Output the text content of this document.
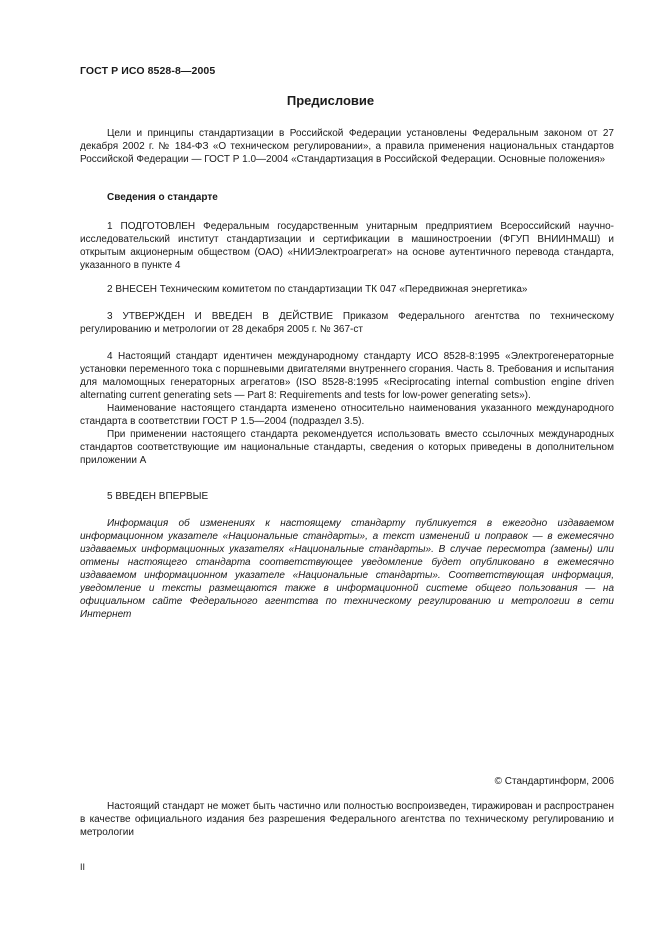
ГОСТ Р ИСО 8528-8—2005
Предисловие

Цели и принципы стандартизации в Российской Федерации установлены Федеральным законом от 27 декабря 2002 г. № 184-ФЗ «О техническом регулировании», а правила применения национальных стандартов Российской Федерации — ГОСТ Р 1.0—2004 «Стандартизация в Российской Федерации. Основные положения»

Сведения о стандарте

1 ПОДГОТОВЛЕН Федеральным государственным унитарным предприятием Всероссийский научно-исследовательский институт стандартизации и сертификации в машиностроении (ФГУП ВНИИНМАШ) и открытым акционерным обществом (ОАО) «НИИЭлектроагрегат» на основе аутентичного перевода стандарта, указанного в пункте 4

2 ВНЕСЕН Техническим комитетом по стандартизации ТК 047 «Передвижная энергетика»

3 УТВЕРЖДЕН И ВВЕДЕН В ДЕЙСТВИЕ Приказом Федерального агентства по техническому регулированию и метрологии от 28 декабря 2005 г. № 367-ст

4 Настоящий стандарт идентичен международному стандарту ИСО 8528-8:1995 «Электрогенераторные установки переменного тока с поршневыми двигателями внутреннего сгорания. Часть 8. Требования и испытания для маломощных генераторных агрегатов» (ISO 8528-8:1995 «Reciprocating internal combustion engine driven alternating current generating sets — Part 8: Requirements and tests for low-power generating sets»).

Наименование настоящего стандарта изменено относительно наименования указанного международного стандарта в соответствии ГОСТ Р 1.5—2004 (подраздел 3.5).

При применении настоящего стандарта рекомендуется использовать вместо ссылочных международных стандартов соответствующие им национальные стандарты, сведения о которых приведены в дополнительном приложении А

5 ВВЕДЕН ВПЕРВЫЕ

Информация об изменениях к настоящему стандарту публикуется в ежегодно издаваемом информационном указателе «Национальные стандарты», а текст изменений и поправок — в ежемесячно издаваемых информационных указателях «Национальные стандарты». В случае пересмотра (замены) или отмены настоящего стандарта соответствующее уведомление будет опубликовано в ежемесячно издаваемом информационном указателе «Национальные стандарты». Соответствующая информация, уведомление и тексты размещаются также в информационной системе общего пользования — на официальном сайте Федерального агентства по техническому регулированию и метрологии в сети Интернет

© Стандартинформ, 2006

Настоящий стандарт не может быть частично или полностью воспроизведен, тиражирован и распространен в качестве официального издания без разрешения Федерального агентства по техническому регулированию и метрологии

II
